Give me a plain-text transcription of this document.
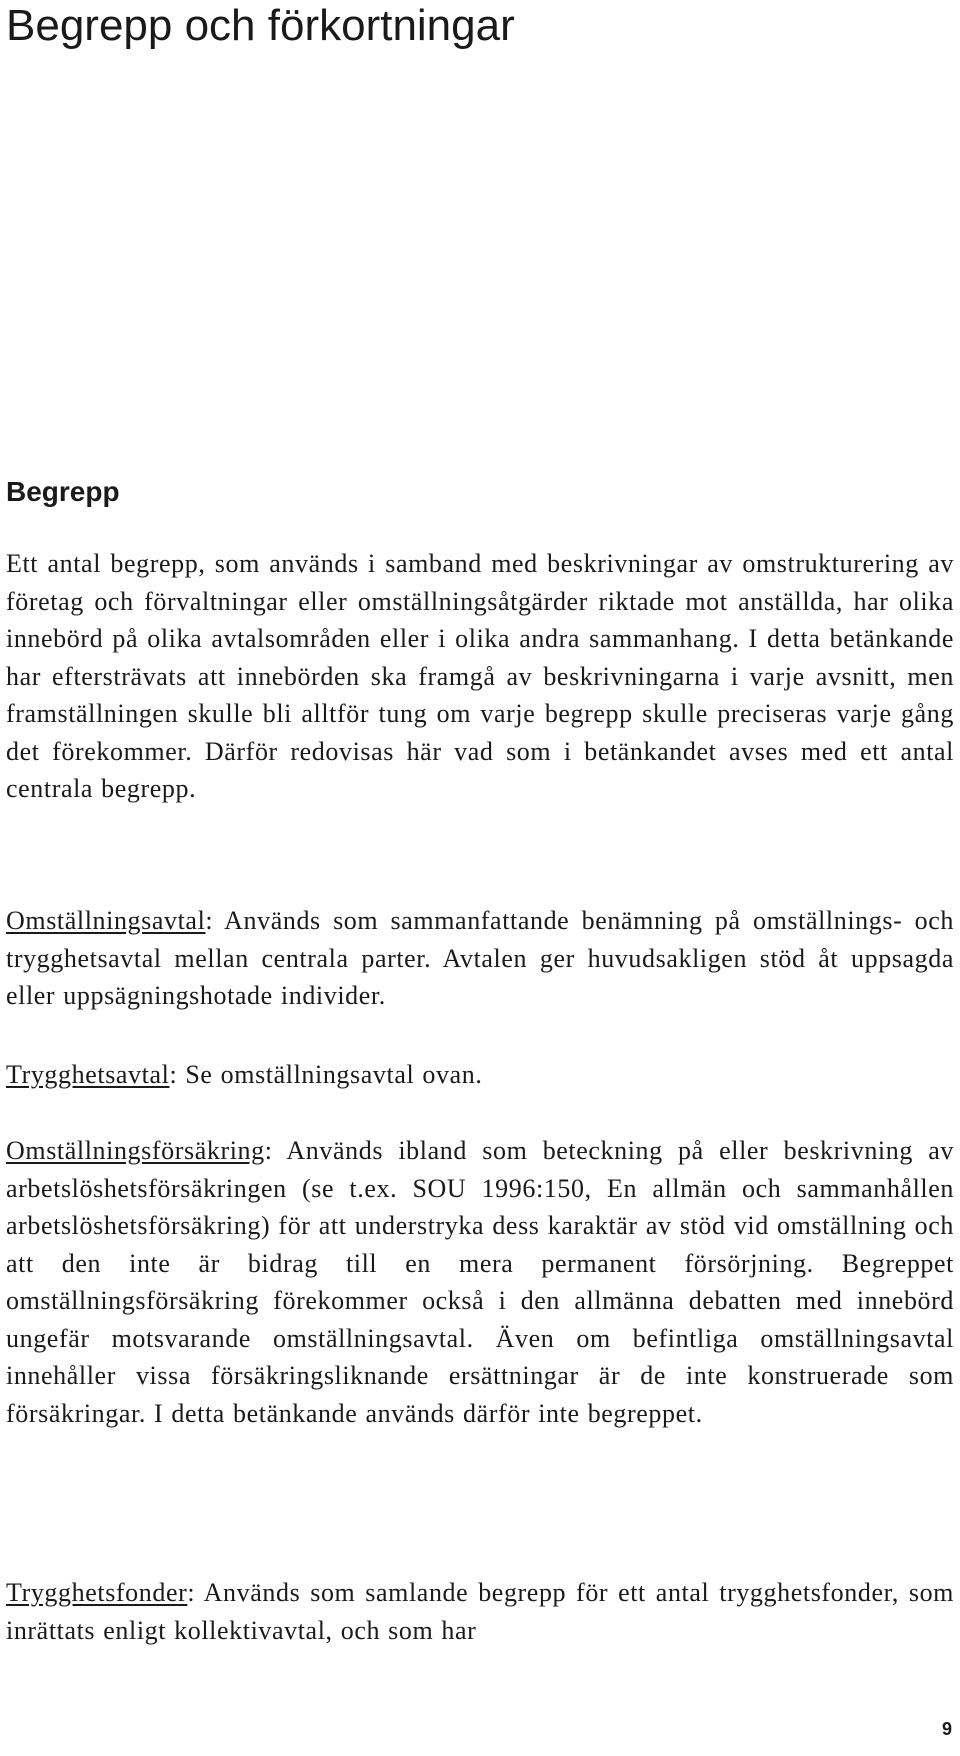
Begrepp och förkortningar
Begrepp

Ett antal begrepp, som används i samband med beskrivningar av omstrukturering av företag och förvaltningar eller omställningsåtgärder riktade mot anställda, har olika innebörd på olika avtalsområden eller i olika andra sammanhang. I detta betänkande har eftersträvats att innebörden ska framgå av beskrivningarna i varje avsnitt, men framställningen skulle bli alltför tung om varje begrepp skulle preciseras varje gång det förekommer. Därför redovisas här vad som i betänkandet avses med ett antal centrala begrepp.

Omställningsavtal: Används som sammanfattande benämning på omställnings- och trygghetsavtal mellan centrala parter. Avtalen ger huvudsakligen stöd åt uppsagda eller uppsägningshotade individer.

Trygghetsavtal: Se omställningsavtal ovan.

Omställningsförsäkring: Används ibland som beteckning på eller beskrivning av arbetslöshetsförsäkringen (se t.ex. SOU 1996:150, En allmän och sammanhållen arbetslöshetsförsäkring) för att understryka dess karaktär av stöd vid omställning och att den inte är bidrag till en mera permanent försörjning. Begreppet omställningsförsäkring förekommer också i den allmänna debatten med innebörd ungefär motsvarande omställningsavtal. Även om befintliga omställningsavtal innehåller vissa försäkringsliknande ersättningar är de inte konstruerade som försäkringar. I detta betänkande används därför inte begreppet.

Trygghetsfonder: Används som samlande begrepp för ett antal trygghetsfonder, som inrättats enligt kollektivavtal, och som har

9
